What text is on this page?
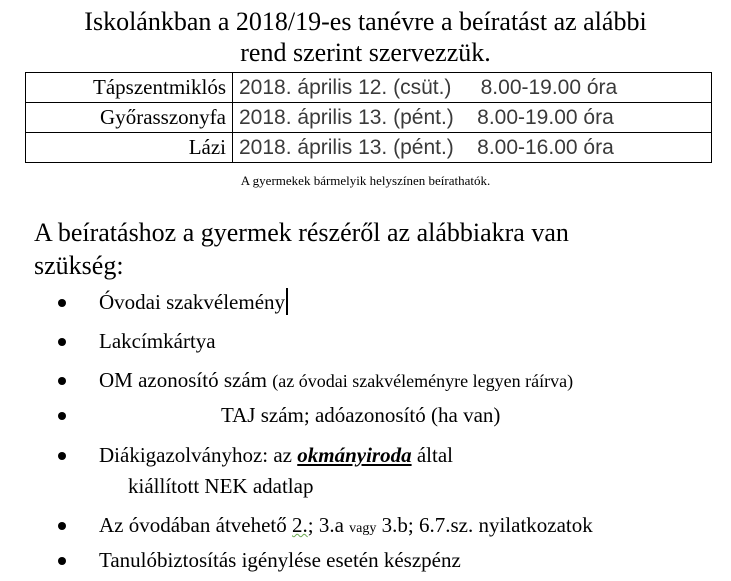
Iskolánkban a 2018/19-es tanévre a beíratást az alábbi
rend szerint szervezzük.
Tápszentmiklós	2018. április 12. (csüt.) 8.00-19.00 óra
Győrasszonyfa	2018. április 13. (pént.) 8.00-19.00 óra
Lázi	2018. április 13. (pént.) 8.00-16.00 óra
A gyermekek bármelyik helyszínen beírathatók.
A beíratáshoz a gyermek részéről az alábbiakra van
szükség:
Óvodai szakvélemény
Lakcímkártya
OM azonosító szám (az óvodai szakvéleményre legyen ráírva)
TAJ szám; adóazonosító (ha van)
Diákigazolványhoz: az okmányiroda által
kiállított NEK adatlap
Az óvodában átvehető 2.; 3.a vagy 3.b; 6.7.sz. nyilatkozatok
Tanulóbiztosítás igénylése esetén készpénz
